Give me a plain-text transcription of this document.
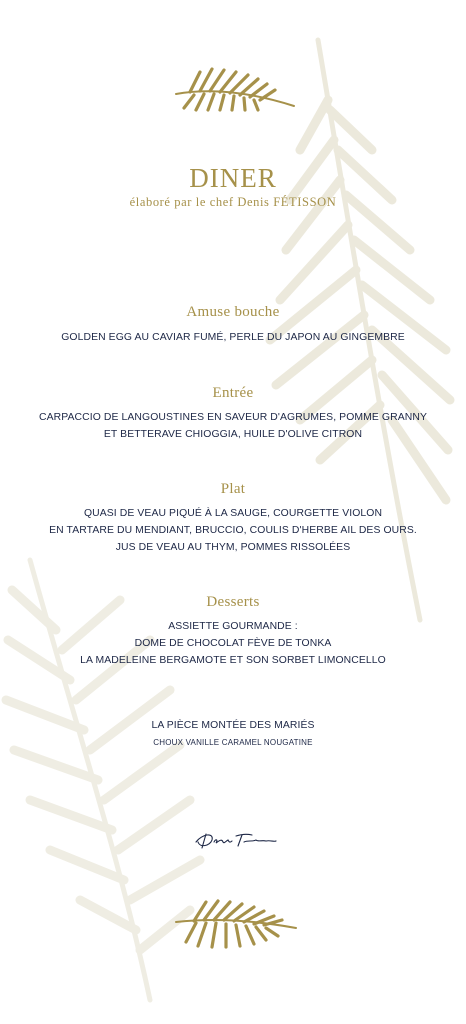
DINER
élaboré par le chef Denis FÉTISSON
Amuse bouche
GOLDEN EGG AU CAVIAR FUMÉ, PERLE DU JAPON AU GINGEMBRE
Entrée
CARPACCIO DE LANGOUSTINES EN SAVEUR D'AGRUMES, POMME GRANNY
ET BETTERAVE CHIOGGIA, HUILE D'OLIVE CITRON
Plat
QUASI DE VEAU PIQUÉ À LA SAUGE, COURGETTE VIOLON
EN TARTARE DU MENDIANT, BRUCCIO, COULIS D'HERBE AIL DES OURS.
JUS DE VEAU AU THYM, POMMES RISSOLÉES
Desserts
ASSIETTE GOURMANDE :
DOME DE CHOCOLAT FÈVE DE TONKA
LA MADELEINE BERGAMOTE ET SON SORBET LIMONCELLO
LA PIÈCE MONTÉE DES MARIÉS
CHOUX VANILLE CARAMEL NOUGATINE
Denis Fétisson
